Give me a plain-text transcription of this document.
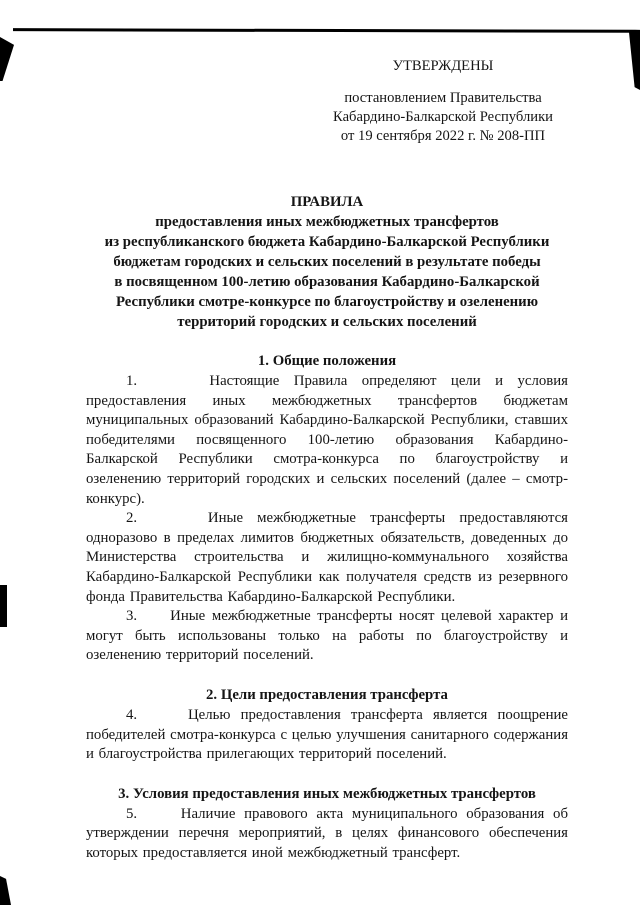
УТВЕРЖДЕНЫ
постановлением Правительства
Кабардино-Балкарской Республики
от 19 сентября 2022 г. № 208-ПП
ПРАВИЛА
предоставления иных межбюджетных трансфертов
из республиканского бюджета Кабардино-Балкарской Республики
бюджетам городских и сельских поселений в результате победы
в посвященном 100-летию образования Кабардино-Балкарской
Республики смотре-конкурсе по благоустройству и озеленению
территорий городских и сельских поселений
1. Общие положения

1.     Настоящие Правила определяют цели и условия предоставления иных межбюджетных трансфертов бюджетам муниципальных образований Кабардино-Балкарской Республики, ставших победителями посвященного 100-летию образования Кабардино-Балкарской Республики смотра-конкурса по благоустройству и озеленению территорий городских и сельских поселений (далее – смотр-конкурс).

2.     Иные межбюджетные трансферты предоставляются одноразово в пределах лимитов бюджетных обязательств, доведенных до Министерства строительства и жилищно-коммунального хозяйства Кабардино-Балкарской Республики как получателя средств из резервного фонда Правительства Кабардино-Балкарской Республики.

3.     Иные межбюджетные трансферты носят целевой характер и могут быть использованы только на работы по благоустройству и озеленению территорий поселений.

2. Цели предоставления трансферта

4.     Целью предоставления трансферта является поощрение победителей смотра-конкурса с целью улучшения санитарного содержания и благоустройства прилегающих территорий поселений.

3. Условия предоставления иных межбюджетных трансфертов

5.     Наличие правового акта муниципального образования об утверждении перечня мероприятий, в целях финансового обеспечения которых предоставляется иной межбюджетный трансферт.
